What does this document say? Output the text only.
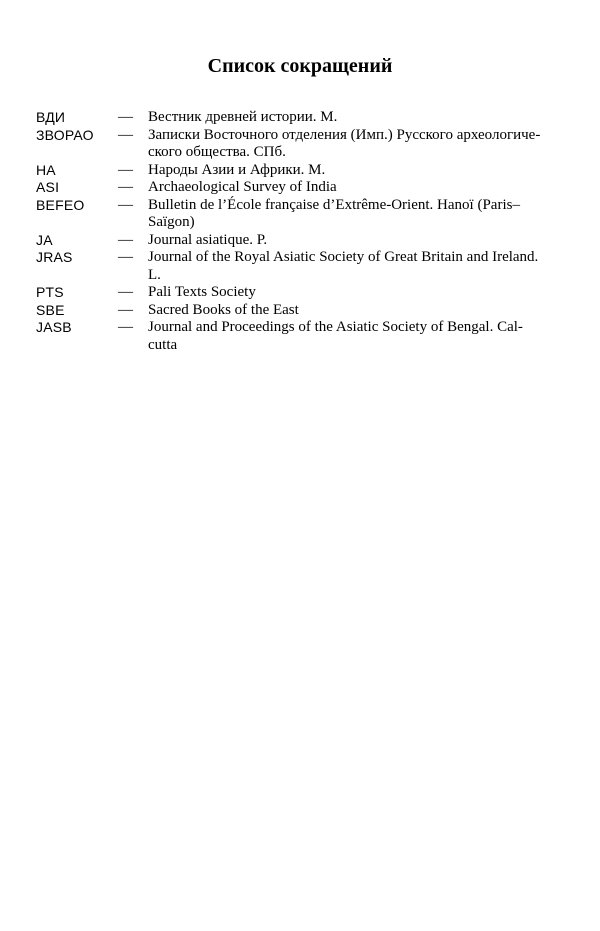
Список сокращений
ВДИ	—	Вестник древней истории. М.
ЗВОРАО	—	Записки Восточного отделения (Имп.) Русского археологиче-
ского общества. СПб.
НА	—	Народы Азии и Африки. М.
ASI	—	Archaeological Survey of India
BEFEO	—	Bulletin de l’École française d’Extrême-Orient. Hanoï (Paris–
Saïgon)
JA	—	Journal asiatique. P.
JRAS	—	Journal of the Royal Asiatic Society of Great Britain and Ireland.
L.
PTS	—	Pali Texts Society
SBE	—	Sacred Books of the East
JASB	—	Journal and Proceedings of the Asiatic Society of Bengal. Cal-
cutta
